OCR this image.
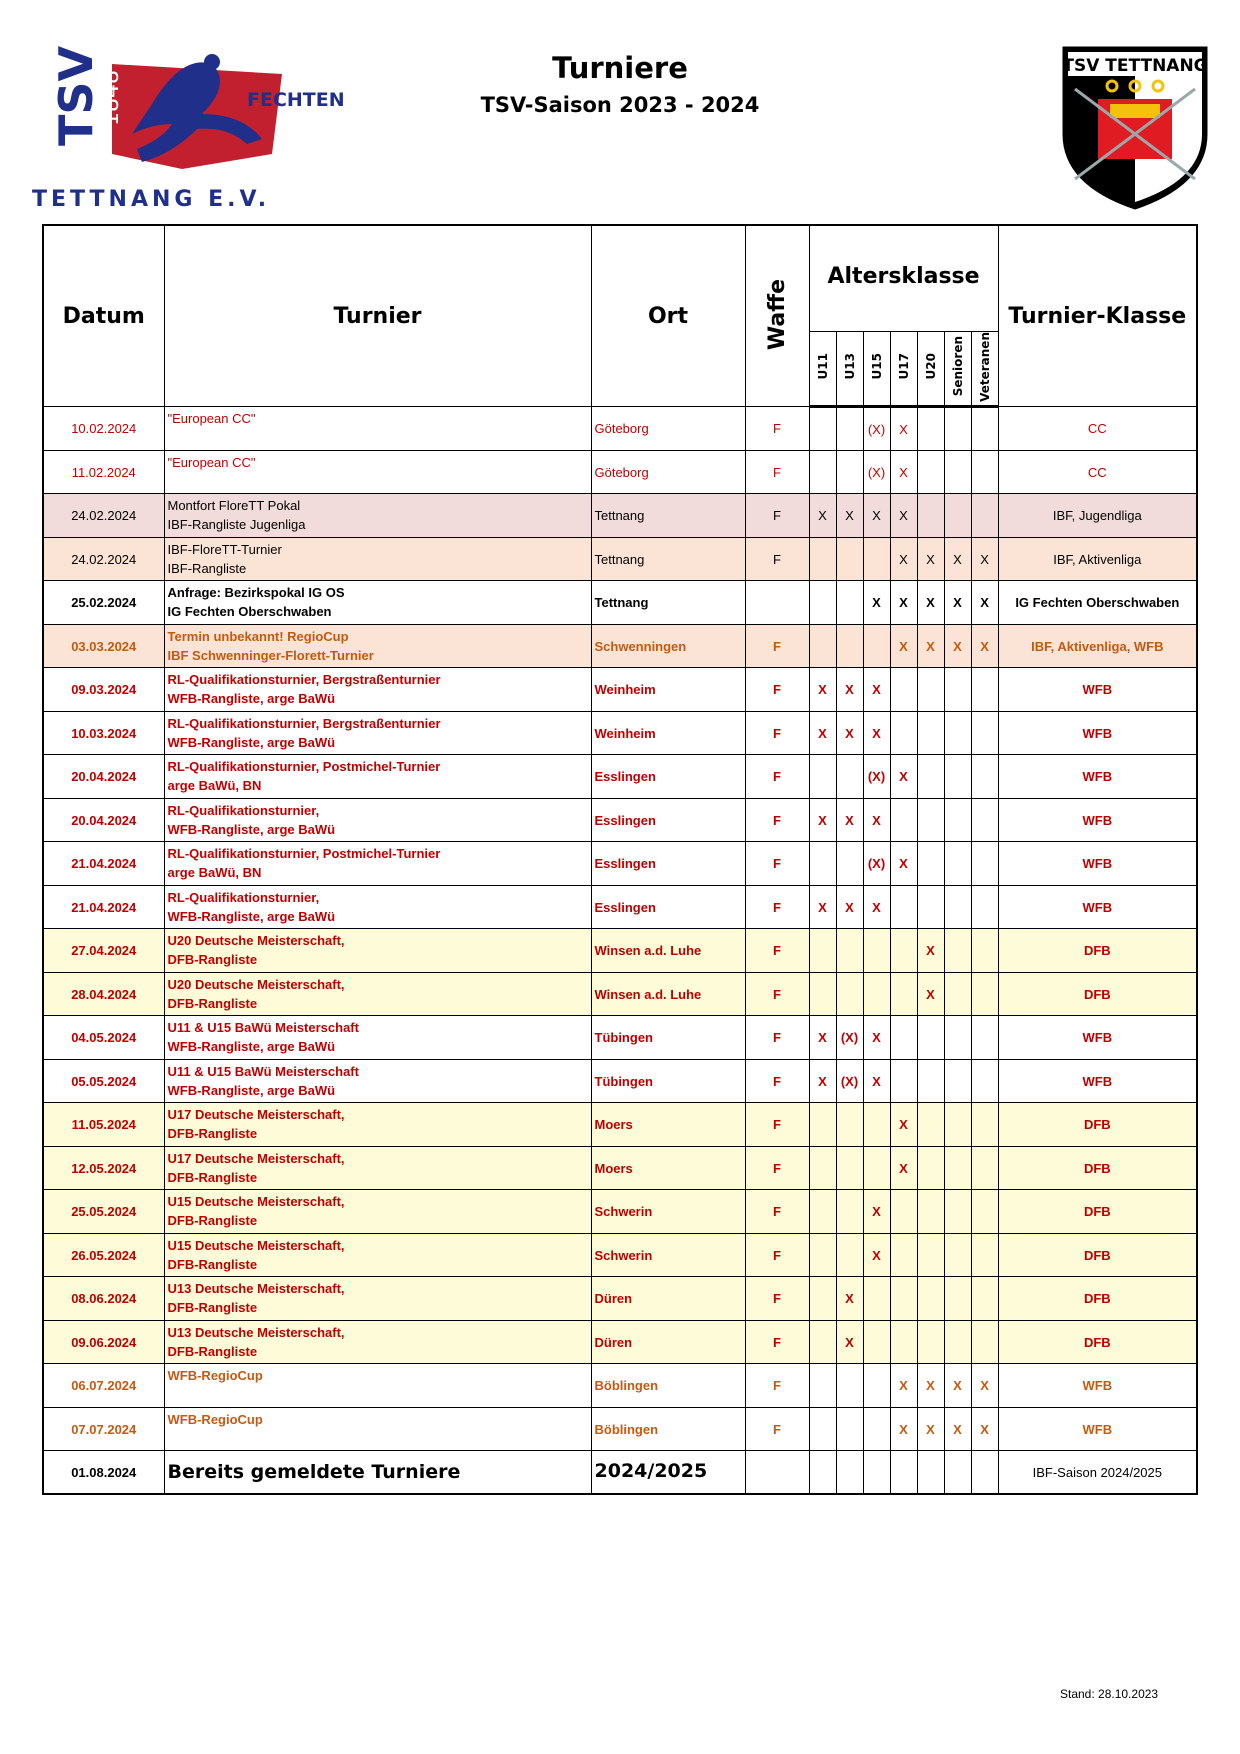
TSV
1848	FECHTEN
TETTNANG E.V.
Turniere
TSV-Saison 2023 - 2024
TSV TETTNANG
Datum	Turnier	Ort	Waffe	Altersklasse							Turnier-Klasse
				U11	U13	U15	U17	U20	Senioren	Veteranen	
10.02.2024	"European CC"	Göteborg	F			(X)	X				CC
11.02.2024	"European CC"	Göteborg	F			(X)	X				CC
24.02.2024	Montfort FloreTT Pokal
IBF-Rangliste Jugenliga	Tettnang	F	X	X	X	X				IBF, Jugendliga
24.02.2024	IBF-FloreTT-Turnier
IBF-Rangliste	Tettnang	F				X	X	X	X	IBF, Aktivenliga
25.02.2024	Anfrage: Bezirkspokal IG OS
IG Fechten Oberschwaben	Tettnang				X	X	X	X	X	IG Fechten Oberschwaben
03.03.2024	Termin unbekannt! RegioCup
IBF Schwenninger-Florett-Turnier	Schwenningen	F				X	X	X	X	IBF, Aktivenliga, WFB
09.03.2024	RL-Qualifikationsturnier, Bergstraßenturnier
WFB-Rangliste, arge BaWü	Weinheim	F	X	X	X					WFB
10.03.2024	RL-Qualifikationsturnier, Bergstraßenturnier
WFB-Rangliste, arge BaWü	Weinheim	F	X	X	X					WFB
20.04.2024	RL-Qualifikationsturnier, Postmichel-Turnier
arge BaWü, BN	Esslingen	F			(X)	X				WFB
20.04.2024	RL-Qualifikationsturnier,
WFB-Rangliste, arge BaWü	Esslingen	F	X	X	X					WFB
21.04.2024	RL-Qualifikationsturnier, Postmichel-Turnier
arge BaWü, BN	Esslingen	F			(X)	X				WFB
21.04.2024	RL-Qualifikationsturnier,
WFB-Rangliste, arge BaWü	Esslingen	F	X	X	X					WFB
27.04.2024	U20 Deutsche Meisterschaft,
DFB-Rangliste	Winsen a.d. Luhe	F					X			DFB
28.04.2024	U20 Deutsche Meisterschaft,
DFB-Rangliste	Winsen a.d. Luhe	F					X			DFB
04.05.2024	U11 & U15 BaWü Meisterschaft
WFB-Rangliste, arge BaWü	Tübingen	F	X	(X)	X					WFB
05.05.2024	U11 & U15 BaWü Meisterschaft
WFB-Rangliste, arge BaWü	Tübingen	F	X	(X)	X					WFB
11.05.2024	U17 Deutsche Meisterschaft,
DFB-Rangliste	Moers	F				X				DFB
12.05.2024	U17 Deutsche Meisterschaft,
DFB-Rangliste	Moers	F				X				DFB
25.05.2024	U15 Deutsche Meisterschaft,
DFB-Rangliste	Schwerin	F			X					DFB
26.05.2024	U15 Deutsche Meisterschaft,
DFB-Rangliste	Schwerin	F			X					DFB
08.06.2024	U13 Deutsche Meisterschaft,
DFB-Rangliste	Düren	F		X						DFB
09.06.2024	U13 Deutsche Meisterschaft,
DFB-Rangliste	Düren	F		X						DFB
06.07.2024	WFB-RegioCup	Böblingen	F				X	X	X	X	WFB
07.07.2024	WFB-RegioCup	Böblingen	F				X	X	X	X	WFB
01.08.2024	Bereits gemeldete Turniere	2024/2025									IBF-Saison 2024/2025
Stand: 28.10.2023
